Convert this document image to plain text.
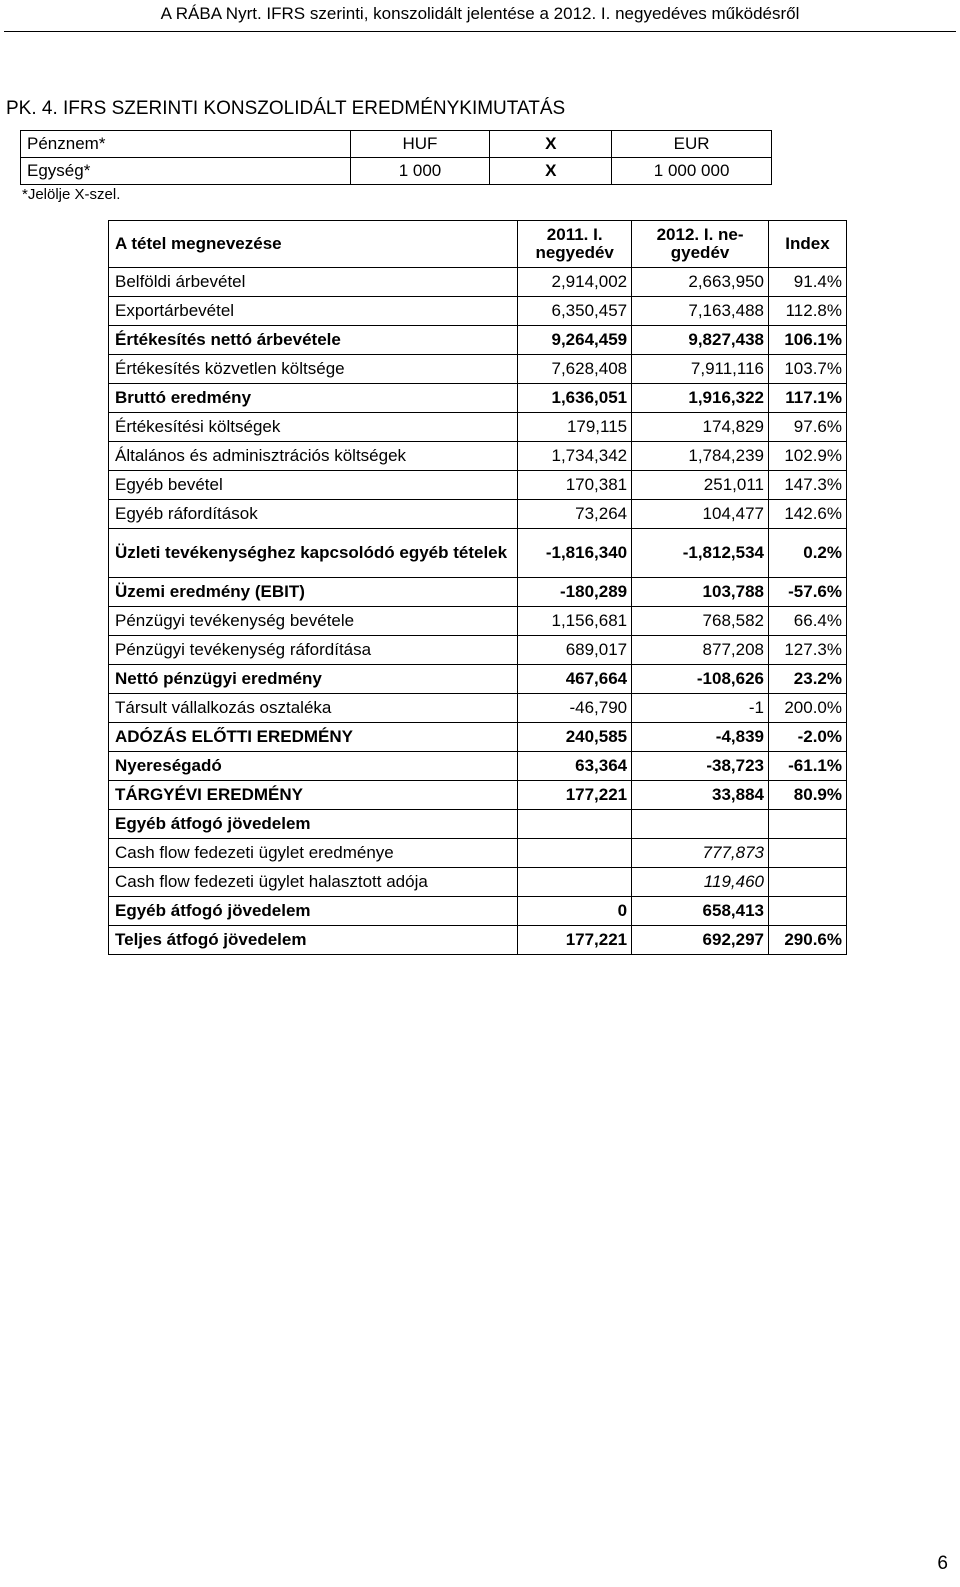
A RÁBA Nyrt. IFRS szerinti, konszolidált jelentése a 2012. I. negyedéves működésről
PK. 4. IFRS SZERINTI KONSZOLIDÁLT EREDMÉNYKIMUTATÁS
Pénznem*	HUF	X	EUR
Egység*	1 000	X	1 000 000
*Jelölje X-szel.
A tétel megnevezése	2011. I. negyedév	2012. I. ne-gyedév	Index
Belföldi árbevétel	2,914,002	2,663,950	91.4%
Exportárbevétel	6,350,457	7,163,488	112.8%
Értékesítés nettó árbevétele	9,264,459	9,827,438	106.1%
Értékesítés közvetlen költsége	7,628,408	7,911,116	103.7%
Bruttó eredmény	1,636,051	1,916,322	117.1%
Értékesítési költségek	179,115	174,829	97.6%
Általános és adminisztrációs költségek	1,734,342	1,784,239	102.9%
Egyéb bevétel	170,381	251,011	147.3%
Egyéb ráfordítások	73,264	104,477	142.6%
Üzleti tevékenységhez kapcsolódó egyéb tételek	-1,816,340	-1,812,534	0.2%
Üzemi eredmény (EBIT)	-180,289	103,788	-57.6%
Pénzügyi tevékenység bevétele	1,156,681	768,582	66.4%
Pénzügyi tevékenység ráfordítása	689,017	877,208	127.3%
Nettó pénzügyi eredmény	467,664	-108,626	23.2%
Társult vállalkozás osztaléka	-46,790	-1	200.0%
ADÓZÁS ELŐTTI EREDMÉNY	240,585	-4,839	-2.0%
Nyereségadó	63,364	-38,723	-61.1%
TÁRGYÉVI EREDMÉNY	177,221	33,884	80.9%
Egyéb átfogó jövedelem			
Cash flow fedezeti ügylet eredménye		777,873	
Cash flow fedezeti ügylet halasztott adója		119,460	
Egyéb átfogó jövedelem	0	658,413	
Teljes átfogó jövedelem	177,221	692,297	290.6%
6
